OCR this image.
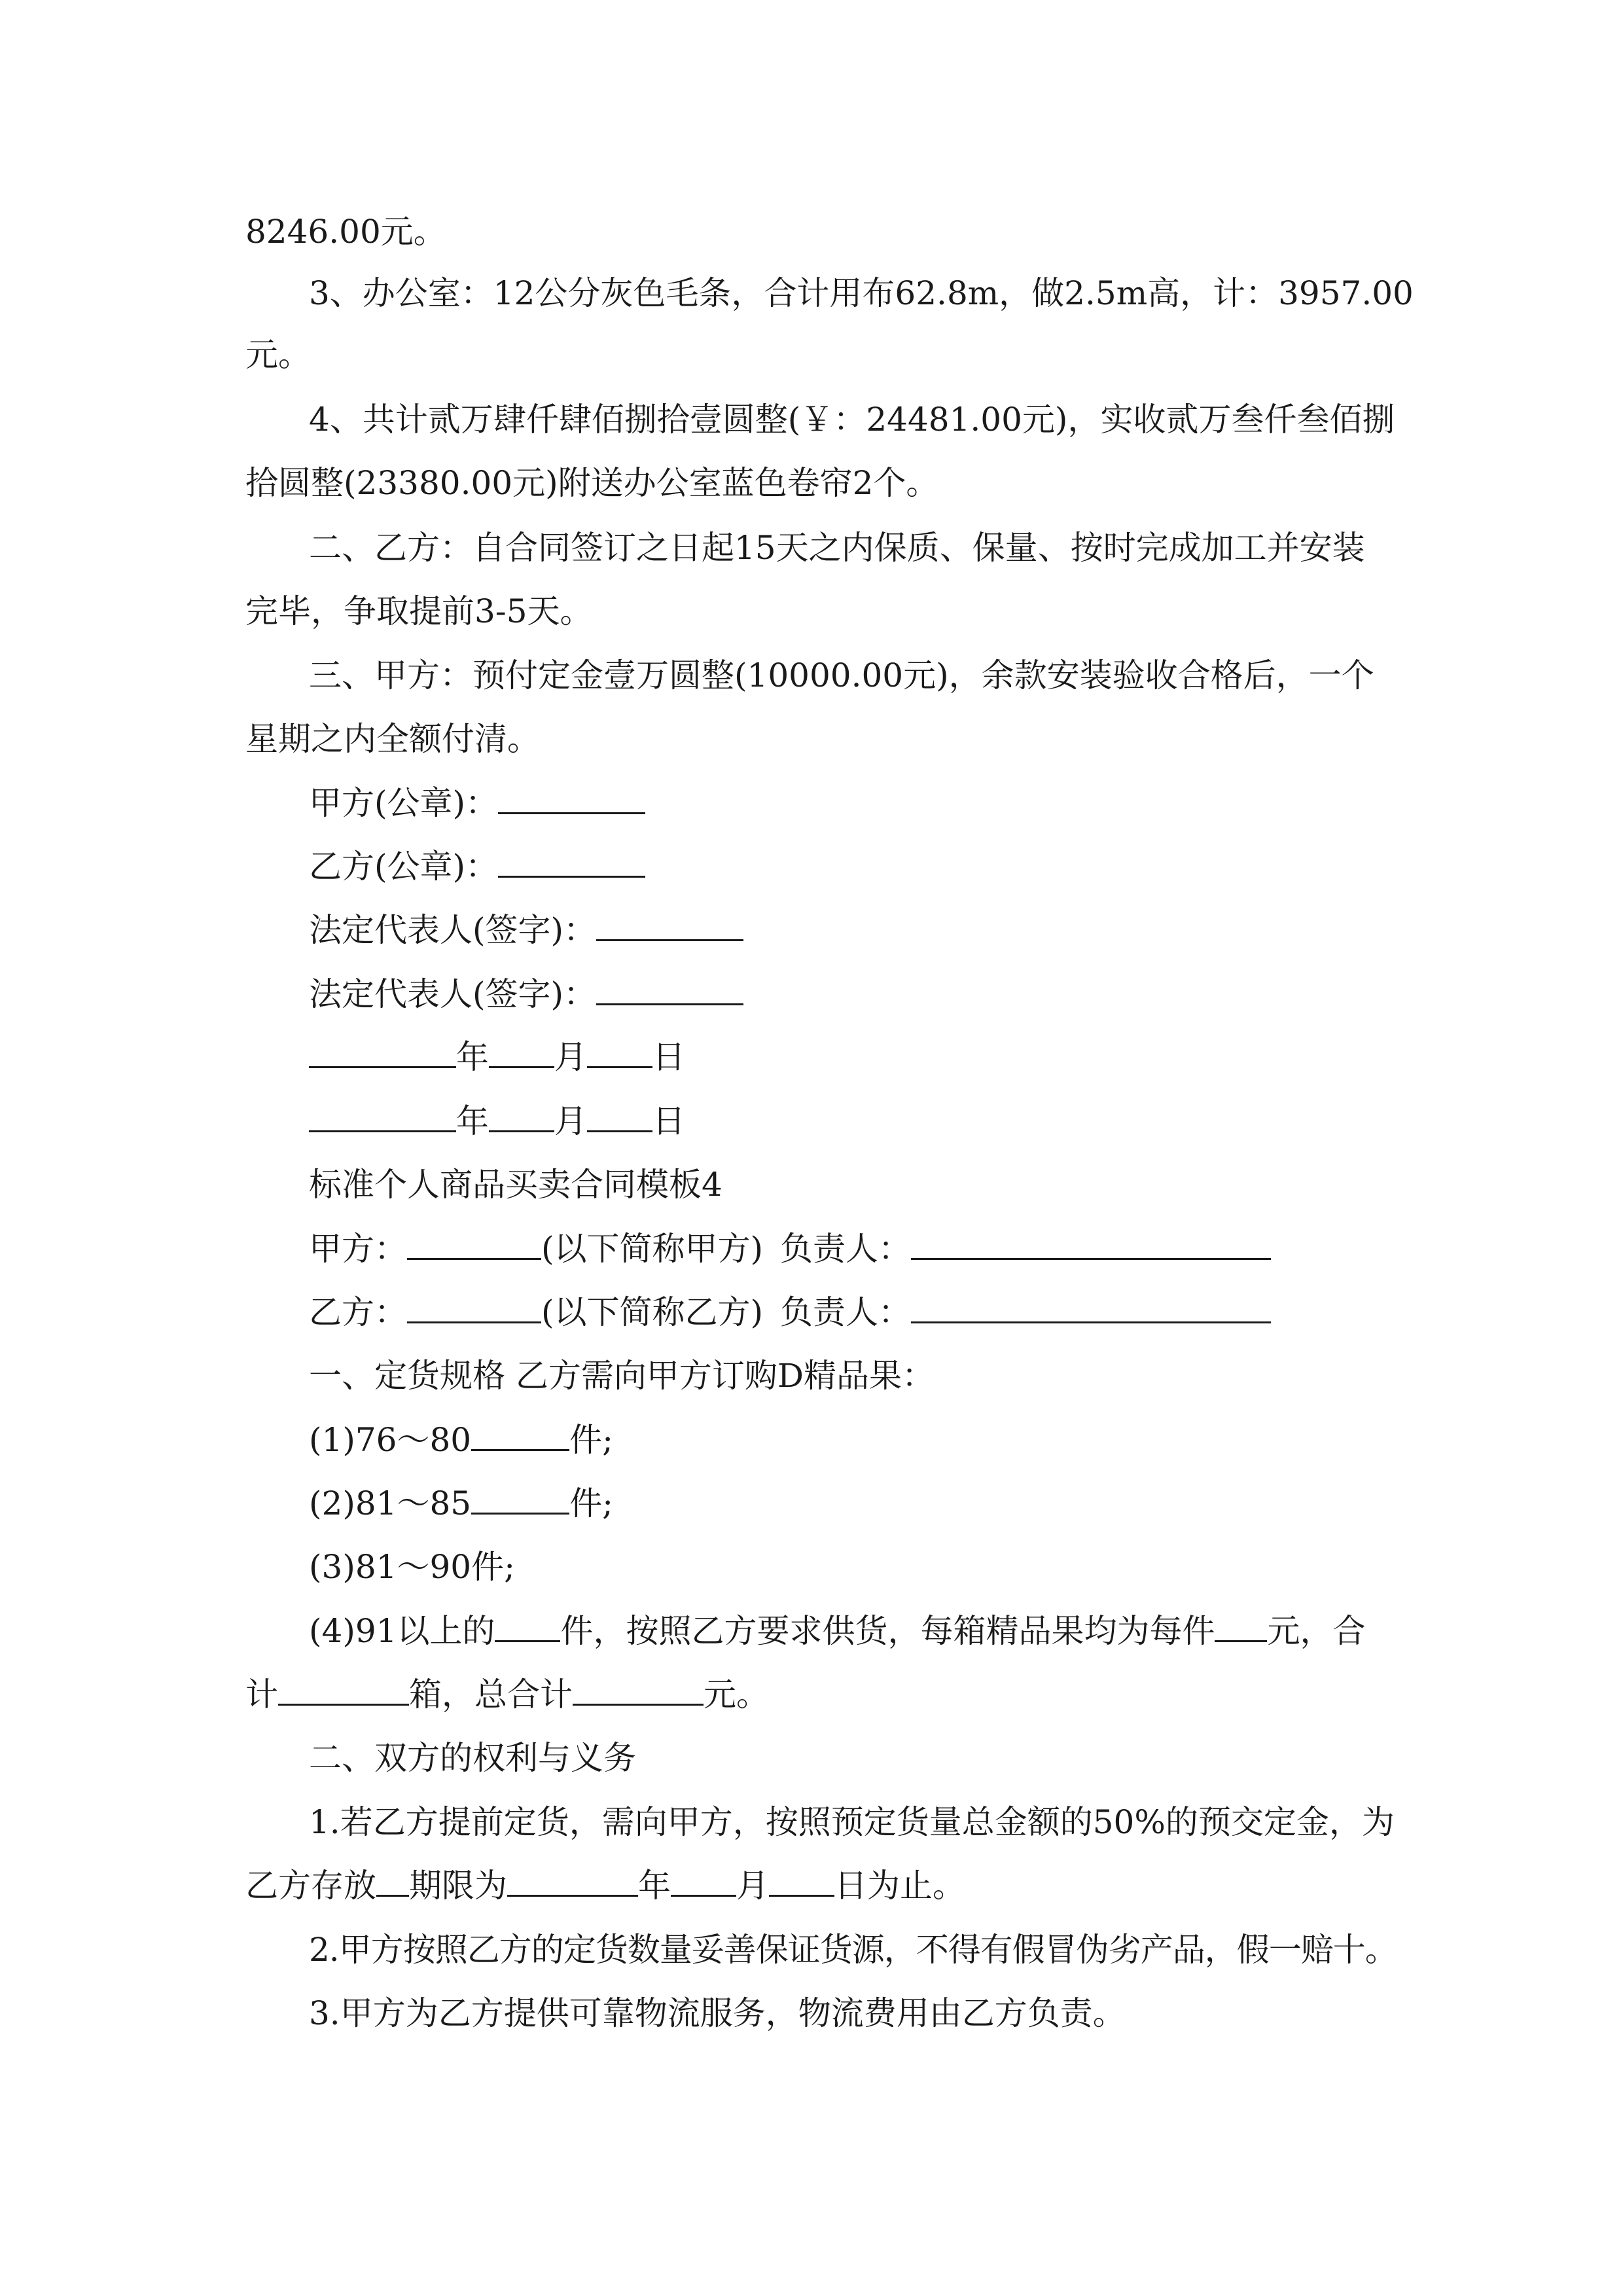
8246.00元。
3、办公室：12公分灰色毛条，合计用布62.8m，做2.5m高，计：3957.00
元。
4、共计贰万肆仟肆佰捌拾壹圆整(￥：24481.00元)，实收贰万叁仟叁佰捌
拾圆整(23380.00元)附送办公室蓝色卷帘2个。
二、乙方：自合同签订之日起15天之内保质、保量、按时完成加工并安装
完毕，争取提前3-5天。
三、甲方：预付定金壹万圆整(10000.00元)，余款安装验收合格后，一个
星期之内全额付清。
甲方(公章)：
乙方(公章)：
法定代表人(签字)：
法定代表人(签字)：
年 月 日
年 月 日
标准个人商品买卖合同模板4
甲方：	(以下简称甲方) 负责人：
乙方：	(以下简称乙方) 负责人：
一、定货规格 乙方需向甲方订购D精品果：
(1)76～80	件;
(2)81～85	件;
(3)81～90件;
(4)91以上的 件，按照乙方要求供货，每箱精品果均为每件 元，合
计	箱，总合计	元。
二、双方的权利与义务
1.若乙方提前定货，需向甲方，按照预定货量总金额的50%的预交定金，为
乙方存放 期限为	年 月 日为止。
2.甲方按照乙方的定货数量妥善保证货源，不得有假冒伪劣产品，假一赔十。
3.甲方为乙方提供可靠物流服务，物流费用由乙方负责。
